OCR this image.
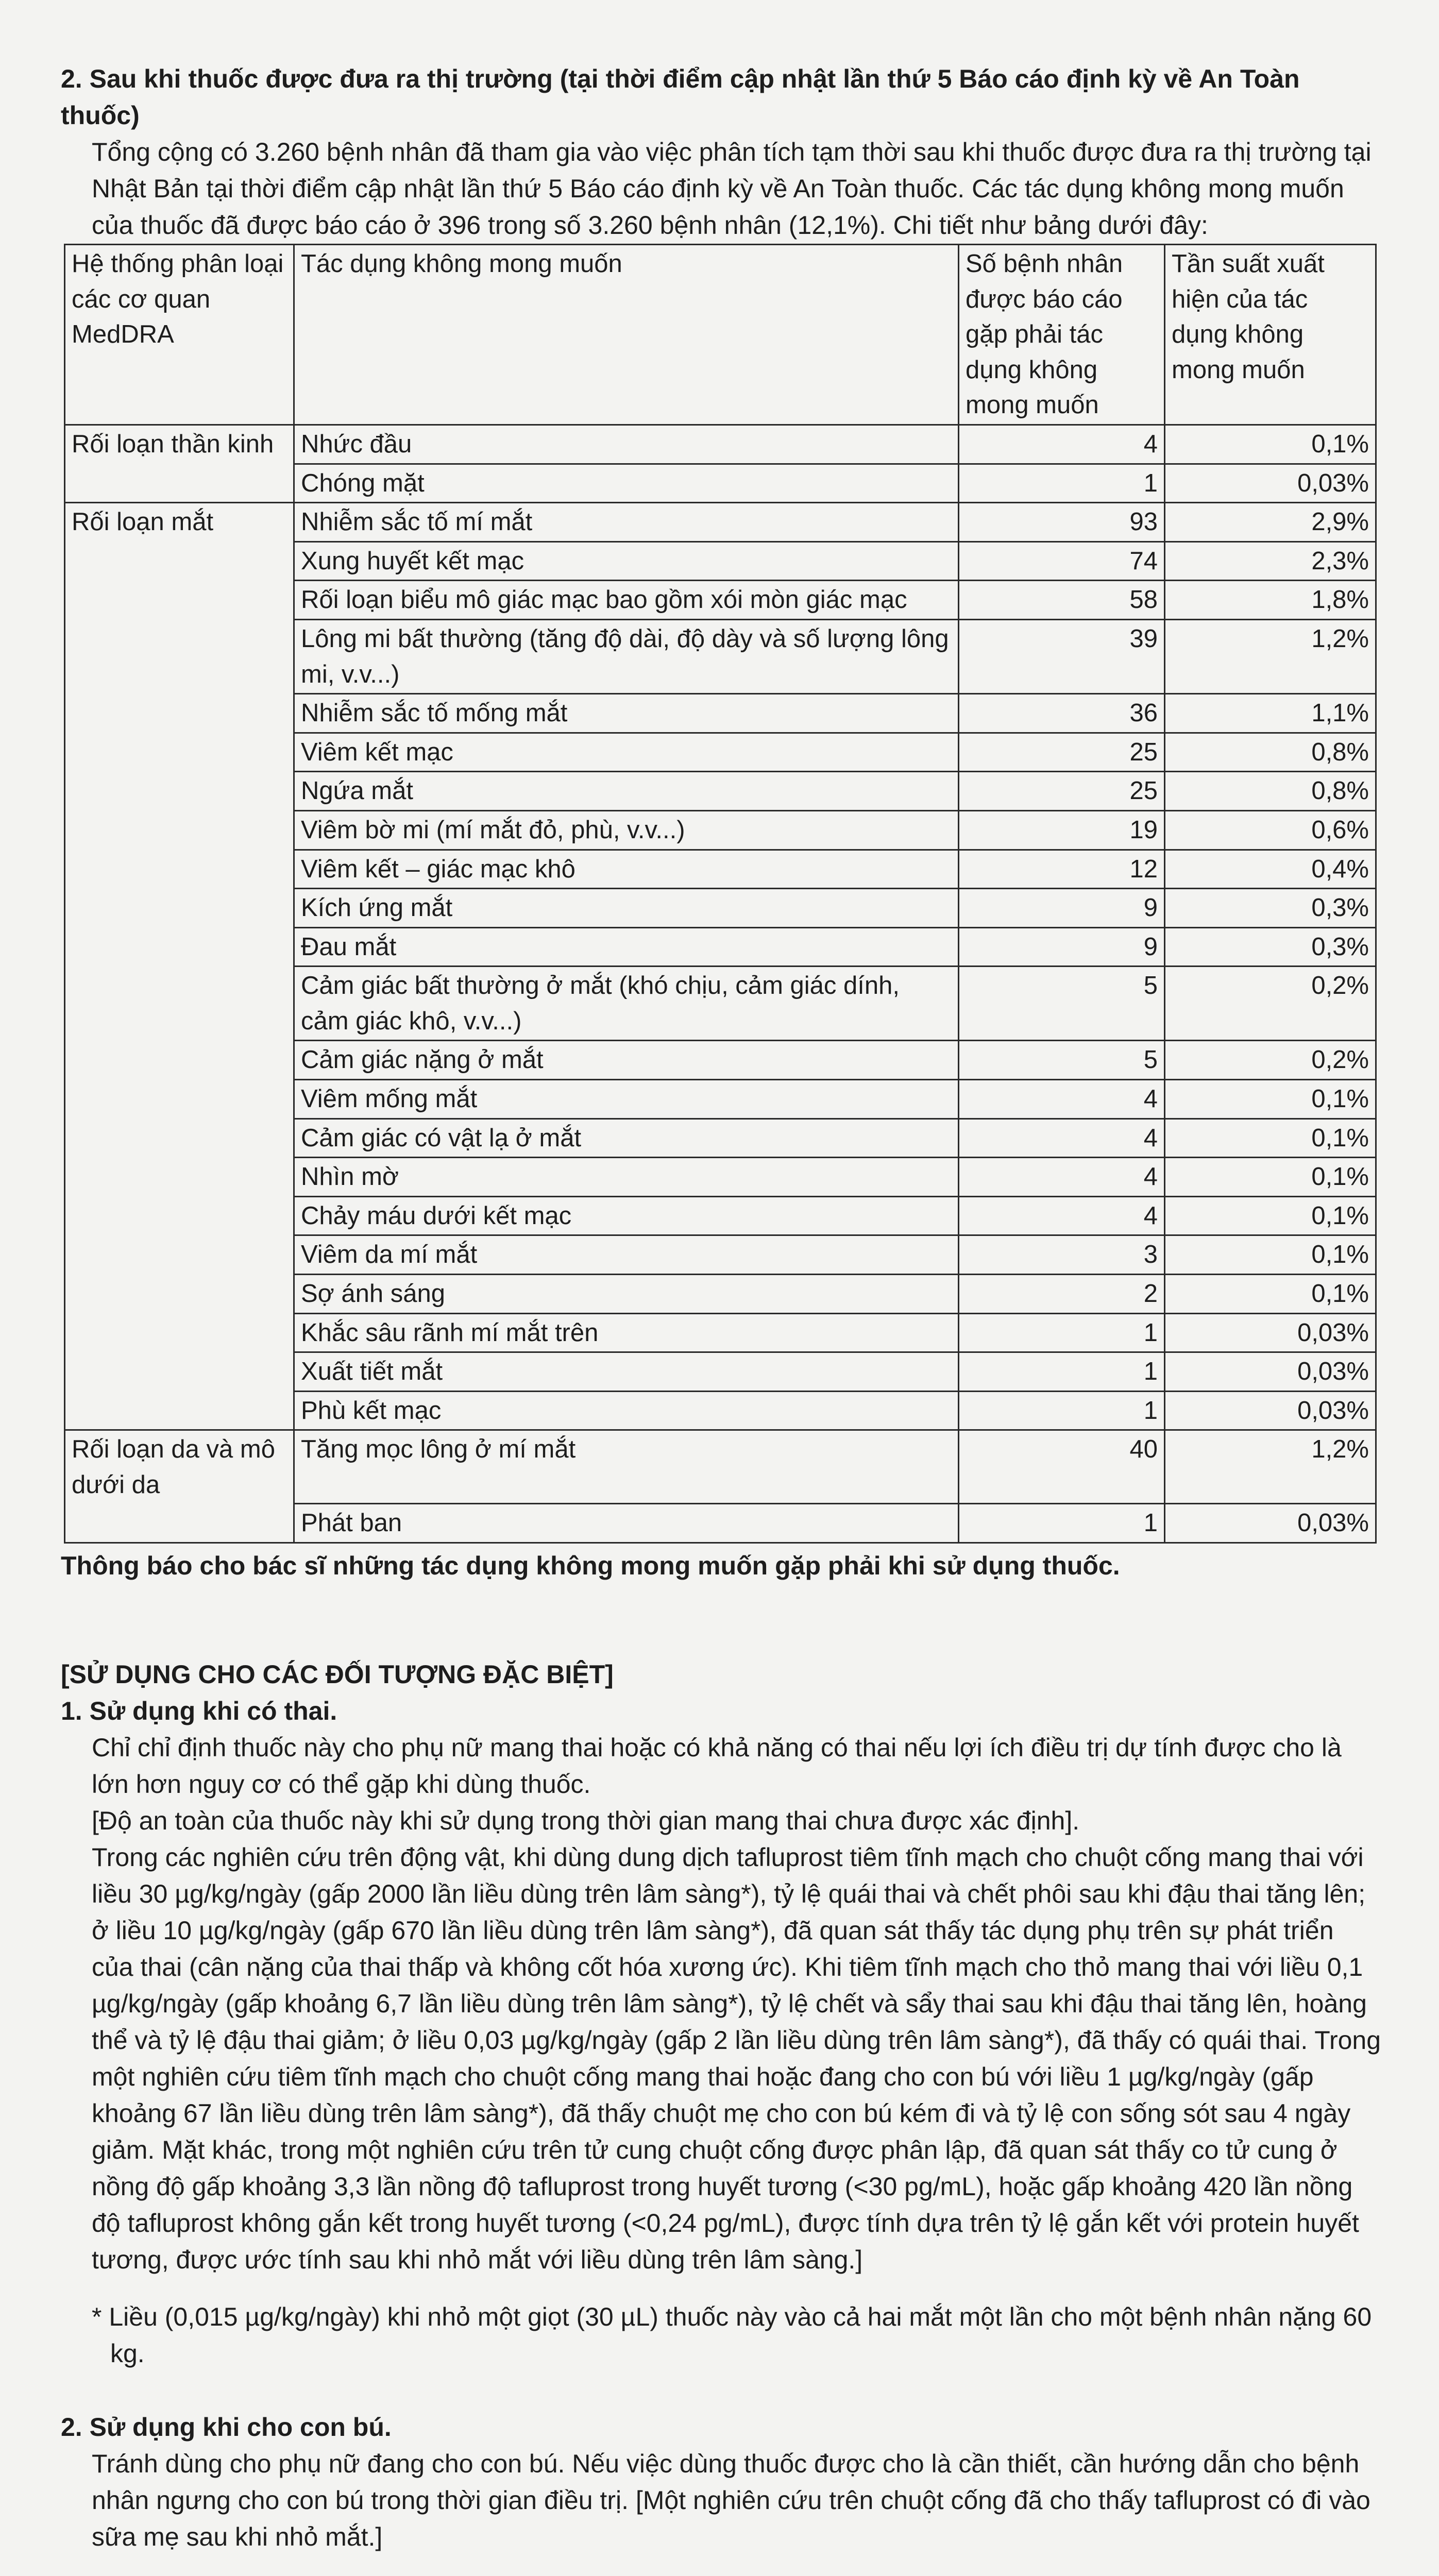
2. Sau khi thuốc được đưa ra thị trường (tại thời điểm cập nhật lần thứ 5 Báo cáo định kỳ về An Toàn thuốc)

Tổng cộng có 3.260 bệnh nhân đã tham gia vào việc phân tích tạm thời sau khi thuốc được đưa ra thị trường tại Nhật Bản tại thời điểm cập nhật lần thứ 5 Báo cáo định kỳ về An Toàn thuốc. Các tác dụng không mong muốn của thuốc đã được báo cáo ở 396 trong số 3.260 bệnh nhân (12,1%). Chi tiết như bảng dưới đây:

Hệ thống phân loại các cơ quan MedDRA	Tác dụng không mong muốn	Số bệnh nhân được báo cáo gặp phải tác dụng không mong muốn	Tần suất xuất hiện của tác dụng không mong muốn
Rối loạn thần kinh	Nhức đầu	4	0,1%
	Chóng mặt	1	0,03%
Rối loạn mắt	Nhiễm sắc tố mí mắt	93	2,9%
	Xung huyết kết mạc	74	2,3%
	Rối loạn biểu mô giác mạc bao gồm xói mòn giác mạc	58	1,8%
	Lông mi bất thường (tăng độ dài, độ dày và số lượng lông mi, v.v...)	39	1,2%
	Nhiễm sắc tố mống mắt	36	1,1%
	Viêm kết mạc	25	0,8%
	Ngứa mắt	25	0,8%
	Viêm bờ mi (mí mắt đỏ, phù, v.v...)	19	0,6%
	Viêm kết – giác mạc khô	12	0,4%
	Kích ứng mắt	9	0,3%
	Đau mắt	9	0,3%
	Cảm giác bất thường ở mắt (khó chịu, cảm giác dính, cảm giác khô, v.v...)	5	0,2%
	Cảm giác nặng ở mắt	5	0,2%
	Viêm mống mắt	4	0,1%
	Cảm giác có vật lạ ở mắt	4	0,1%
	Nhìn mờ	4	0,1%
	Chảy máu dưới kết mạc	4	0,1%
	Viêm da mí mắt	3	0,1%
	Sợ ánh sáng	2	0,1%
	Khắc sâu rãnh mí mắt trên	1	0,03%
	Xuất tiết mắt	1	0,03%
	Phù kết mạc	1	0,03%
Rối loạn da và mô dưới da	Tăng mọc lông ở mí mắt	40	1,2%
	Phát ban	1	0,03%

Thông báo cho bác sĩ những tác dụng không mong muốn gặp phải khi sử dụng thuốc.

[SỬ DỤNG CHO CÁC ĐỐI TƯỢNG ĐẶC BIỆT]

1. Sử dụng khi có thai.

Chỉ chỉ định thuốc này cho phụ nữ mang thai hoặc có khả năng có thai nếu lợi ích điều trị dự tính được cho là lớn hơn nguy cơ có thể gặp khi dùng thuốc.

[Độ an toàn của thuốc này khi sử dụng trong thời gian mang thai chưa được xác định].

Trong các nghiên cứu trên động vật, khi dùng dung dịch tafluprost tiêm tĩnh mạch cho chuột cống mang thai với liều 30 µg/kg/ngày (gấp 2000 lần liều dùng trên lâm sàng*), tỷ lệ quái thai và chết phôi sau khi đậu thai tăng lên; ở liều 10 µg/kg/ngày (gấp 670 lần liều dùng trên lâm sàng*), đã quan sát thấy tác dụng phụ trên sự phát triển của thai (cân nặng của thai thấp và không cốt hóa xương ức). Khi tiêm tĩnh mạch cho thỏ mang thai với liều 0,1 µg/kg/ngày (gấp khoảng 6,7 lần liều dùng trên lâm sàng*), tỷ lệ chết và sẩy thai sau khi đậu thai tăng lên, hoàng thể và tỷ lệ đậu thai giảm; ở liều 0,03 µg/kg/ngày (gấp 2 lần liều dùng trên lâm sàng*), đã thấy có quái thai. Trong một nghiên cứu tiêm tĩnh mạch cho chuột cống mang thai hoặc đang cho con bú với liều 1 µg/kg/ngày (gấp khoảng 67 lần liều dùng trên lâm sàng*), đã thấy chuột mẹ cho con bú kém đi và tỷ lệ con sống sót sau 4 ngày giảm. Mặt khác, trong một nghiên cứu trên tử cung chuột cống được phân lập, đã quan sát thấy co tử cung ở nồng độ gấp khoảng 3,3 lần nồng độ tafluprost trong huyết tương (<30 pg/mL), hoặc gấp khoảng 420 lần nồng độ tafluprost không gắn kết trong huyết tương (<0,24 pg/mL), được tính dựa trên tỷ lệ gắn kết với protein huyết tương, được ước tính sau khi nhỏ mắt với liều dùng trên lâm sàng.]

* Liều (0,015 µg/kg/ngày) khi nhỏ một giọt (30 µL) thuốc này vào cả hai mắt một lần cho một bệnh nhân nặng 60 kg.

2. Sử dụng khi cho con bú.

Tránh dùng cho phụ nữ đang cho con bú. Nếu việc dùng thuốc được cho là cần thiết, cần hướng dẫn cho bệnh nhân ngưng cho con bú trong thời gian điều trị. [Một nghiên cứu trên chuột cống đã cho thấy tafluprost có đi vào sữa mẹ sau khi nhỏ mắt.]
